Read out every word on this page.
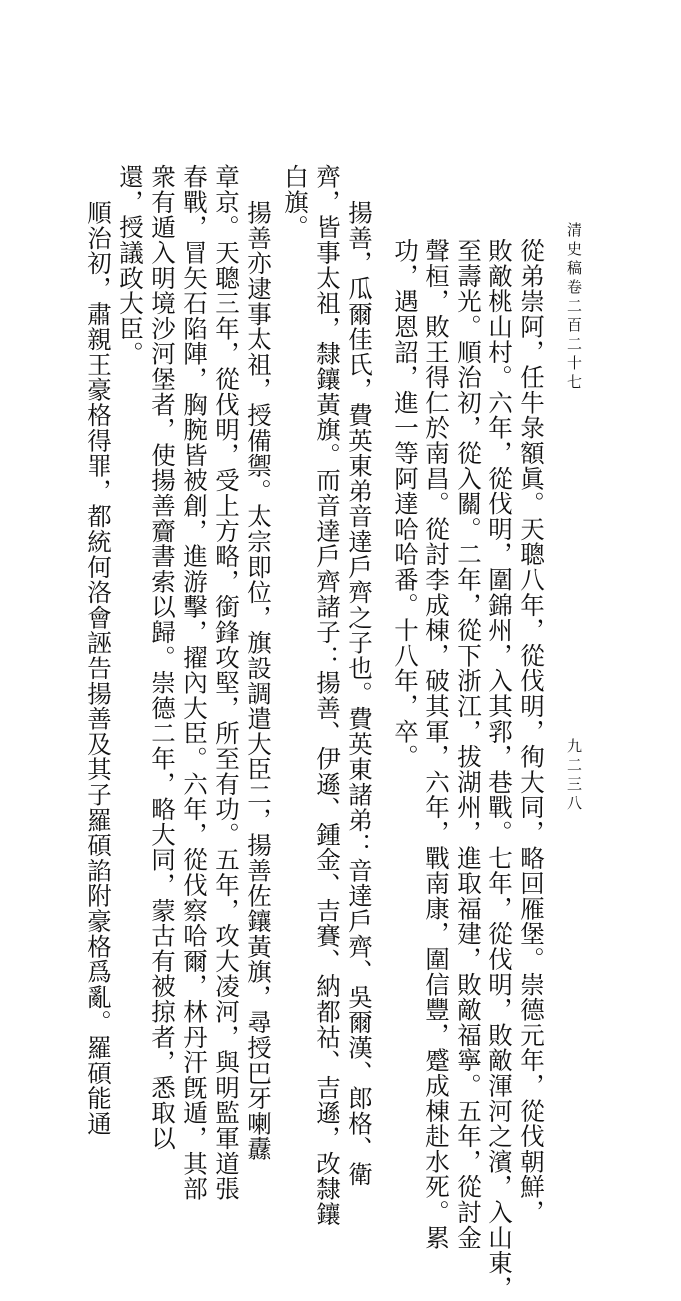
清史稿卷二百二十七
九二三八
從弟崇阿，任牛彔額眞。天聰八年，從伐明，徇大同，略回雁堡。崇德元年，從伐朝鮮，
敗敵桃山村。六年，從伐明，圍錦州，入其郛，巷戰。七年，從伐明，敗敵渾河之濱，入山東，
至壽光。順治初，從入關。二年，從下浙江，拔湖州，進取福建，敗敵福寧。五年，從討金
聲桓，敗王得仁於南昌。從討李成棟，破其軍，六年，戰南康，圍信豐，蹙成棟赴水死。累
功，遇恩詔，進一等阿達哈哈番。十八年，卒。
揚善，瓜爾佳氏，費英東弟音達戶齊之子也。費英東諸弟：音達戶齊、吳爾漢、郎格、衛
齊，皆事太祖，隸鑲黃旗。而音達戶齊諸子：揚善、伊遜、鍾金、吉賽、納都祜、吉遜，改隸鑲
白旗。
揚善亦逮事太祖，授備禦。太宗即位，旗設調遣大臣二，揚善佐鑲黃旗，尋授巴牙喇纛
章京。天聰三年，從伐明，受上方略，銜鋒攻堅，所至有功。五年，攻大凌河，與明監軍道張
春戰，冒矢石陷陣，胸腕皆被創，進游擊，擢內大臣。六年，從伐察哈爾，林丹汗旣遁，其部
衆有遁入明境沙河堡者，使揚善齎書索以歸。崇德二年，略大同，蒙古有被掠者，悉取以
還，授議政大臣。
順治初，肅親王豪格得罪，都統何洛會誣告揚善及其子羅碩諂附豪格爲亂。羅碩能通
